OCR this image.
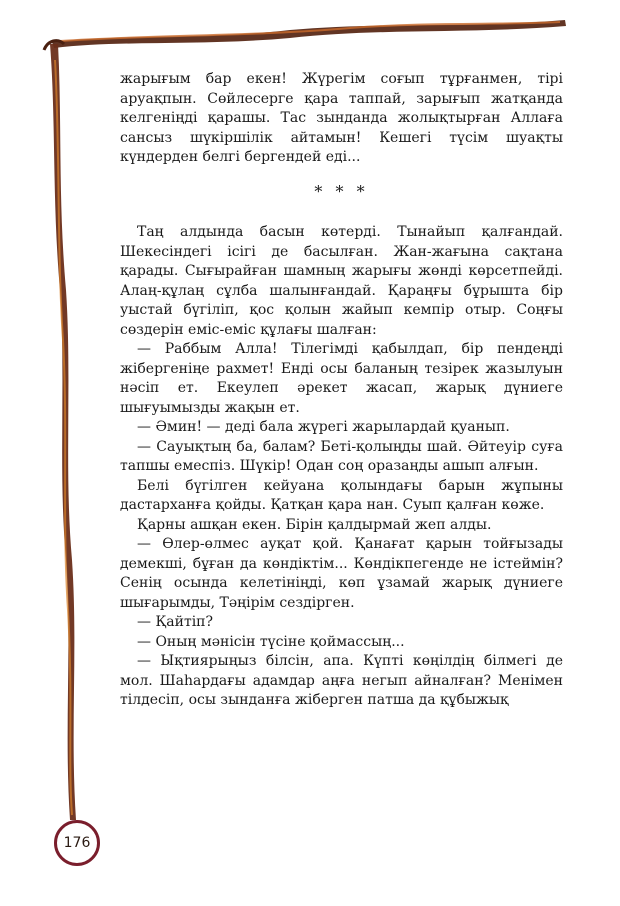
жарығым бар екен! Жүрегім соғып тұрғанмен, тірі аруақпын. Сөйлесерге қара таппай, зарығып жатқанда келгеніңді қарашы. Тас зынданда жолықтырған Аллаға сансыз шүкіршілік айтамын! Кешегі түсім шуақты күндерден белгі бергендей еді...

* * *

Таң алдында басын көтерді. Тынайып қалғандай. Шекесіндегі ісігі де басылған. Жан-жағына сақтана қарады. Сығырайған шамның жарығы жөнді көрсетпейді. Алаң-құлаң сұлба шалынғандай. Қараңғы бұрышта бір уыстай бүгіліп, қос қолын жайып кемпір отыр. Соңғы сөздерін еміс-еміс құлағы шалған:

— Раббым Алла! Тілегімді қабылдап, бір пендеңді жібергеніңе рахмет! Енді осы баланың тезірек жазылуын нәсіп ет. Екеулеп әрекет жасап, жарық дүниеге шығуымызды жақын ет.

— Әмин! — деді бала жүрегі жарылардай қуанып.

— Сауықтың ба, балам? Беті-қолыңды шай. Әйтеуір суға тапшы емеспіз. Шүкір! Одан соң оразаңды ашып алғын.

Белі бүгілген кейуана қолындағы барын жұпыны дастарханға қойды. Қатқан қара нан. Суып қалған көже.

Қарны ашқан екен. Бірін қалдырмай жеп алды.

— Өлер-өлмес ауқат қой. Қанағат қарын тойғызады демекші, бұған да көндіктім... Көндікпегенде не істеймін? Сенің осында келетініңді, көп ұзамай жарық дүниеге шығарымды, Тәңірім сездірген.

— Қайтіп?

— Оның мәнісін түсіне қоймассың...

— Ықтиярыңыз білсін, апа. Күпті көңілдің білмегі де мол. Шаһардағы адамдар аңға негып айналған? Менімен тілдесіп, осы зынданға жіберген патша да құбыжық

176
